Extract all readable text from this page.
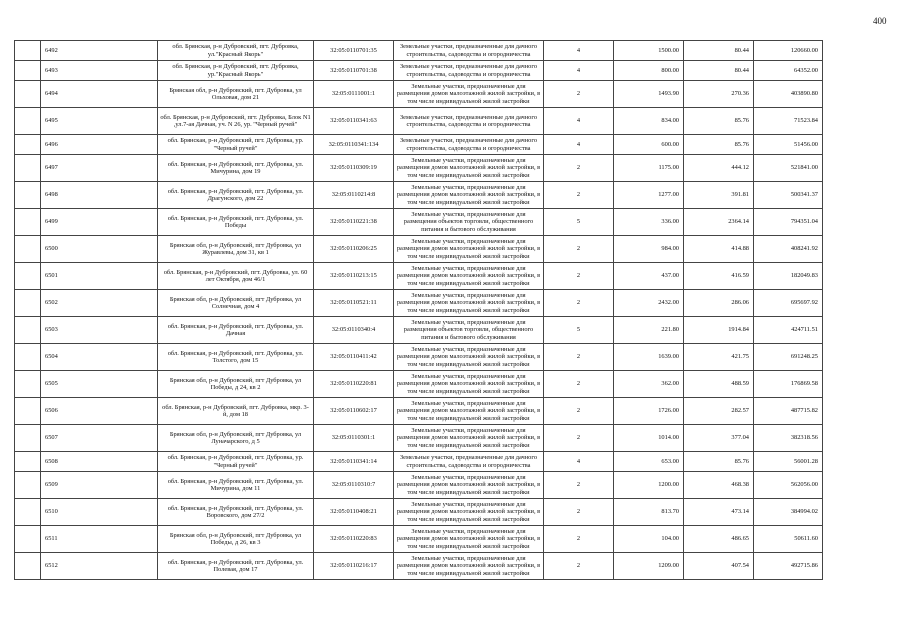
400
	6492	обл. Брянская, р-н Дубровский, пгт. Дубровка, ул."Красный Якорь"	32:05:0110701:35	Земельные участки, предназначенные для дачного строительства, садоводства и огородничества	4	1500.00	80.44	120660.00
	6493	обл. Брянская, р-н Дубровский, пгт. Дубровка, ур."Красный Якорь"	32:05:0110701:38	Земельные участки, предназначенные для дачного строительства, садоводства и огородничества	4	800.00	80.44	64352.00
	6494	Брянская обл, р-н Дубровский, пгт. Дубровка, ул Ольховая, дом 21	32:05:0111001:1	Земельные участки, предназначенные для размещения домов малоэтажной жилой застройки, в том числе индивидуальной жилой застройки	2	1493.90	270.36	403890.80
	6495	обл. Брянская, р-н Дубровский, пгт. Дубровка, Блок N1 ,ул.7-ая Дачная, уч. N 26, ур. "Черный ручей"	32:05:0110341:63	Земельные участки, предназначенные для дачного строительства, садоводства и огородничества	4	834.00	85.76	71523.84
	6496	обл. Брянская, р-н Дубровский, пгт. Дубровка, ур. "Черный ручей"	32:05:0110341:134	Земельные участки, предназначенные для дачного строительства, садоводства и огородничества	4	600.00	85.76	51456.00
	6497	обл. Брянская, р-н Дубровский, пгт. Дубровка, ул. Мичурина, дом 19	32:05:0110309:19	Земельные участки, предназначенные для размещения домов малоэтажной жилой застройки, в том числе индивидуальной жилой застройки	2	1175.00	444.12	521841.00
	6498	обл. Брянская, р-н Дубровский, пгт. Дубровка, ул. Драгунского, дом 22	32:05:0110214:8	Земельные участки, предназначенные для размещения домов малоэтажной жилой застройки, в том числе индивидуальной жилой застройки	2	1277.00	391.81	500341.37
	6499	обл. Брянская, р-н Дубровский, пгт. Дубровка, ул. Победы	32:05:0110221:38	Земельные участки, предназначенные для размещения объектов торговли, общественного питания и бытового обслуживания	5	336.00	2364.14	794351.04
	6500	Брянская обл, р-н Дубровский, пгт Дубровка, ул Журавлевы, дом 31, кв 1	32:05:0110206:25	Земельные участки, предназначенные для размещения домов малоэтажной жилой застройки, в том числе индивидуальной жилой застройки	2	984.00	414.88	408241.92
	6501	обл. Брянская, р-н Дубровский, пгт. Дубровка, ул. 60 лет Октября, дом 46/1	32:05:0110213:15	Земельные участки, предназначенные для размещения домов малоэтажной жилой застройки, в том числе индивидуальной жилой застройки	2	437.00	416.59	182049.83
	6502	Брянская обл, р-н Дубровский, пгт Дубровка, ул Солнечная, дом 4	32:05:0110521:11	Земельные участки, предназначенные для размещения домов малоэтажной жилой застройки, в том числе индивидуальной жилой застройки	2	2432.00	286.06	695697.92
	6503	обл. Брянская, р-н Дубровский, пгт. Дубровка, ул. Дачная	32:05:0110340:4	Земельные участки, предназначенные для размещения объектов торговли, общественного питания и бытового обслуживания	5	221.80	1914.84	424711.51
	6504	обл. Брянская, р-н Дубровский, пгт. Дубровка, ул. Толстого, дом 15	32:05:0110411:42	Земельные участки, предназначенные для размещения домов малоэтажной жилой застройки, в том числе индивидуальной жилой застройки	2	1639.00	421.75	691248.25
	6505	Брянская обл, р-н Дубровский, пгт Дубровка, ул Победы, д 24, кв 2	32:05:0110220:81	Земельные участки, предназначенные для размещения домов малоэтажной жилой застройки, в том числе индивидуальной жилой застройки	2	362.00	488.59	176869.58
	6506	обл. Брянская, р-н Дубровский, пгт. Дубровка, мкр. 3-й, дом 18	32:05:0110602:17	Земельные участки, предназначенные для размещения домов малоэтажной жилой застройки, в том числе индивидуальной жилой застройки	2	1726.00	282.57	487715.82
	6507	Брянская обл, р-н Дубровский, пгт Дубровка, ул Луначарского, д 5	32:05:0110301:1	Земельные участки, предназначенные для размещения домов малоэтажной жилой застройки, в том числе индивидуальной жилой застройки	2	1014.00	377.04	382318.56
	6508	обл. Брянская, р-н Дубровский, пгт. Дубровка, ур. "Черный ручей"	32:05:0110341:14	Земельные участки, предназначенные для дачного строительства, садоводства и огородничества	4	653.00	85.76	56001.28
	6509	обл. Брянская, р-н Дубровский, пгт. Дубровка, ул. Мичурина, дом 11	32:05:0110310:7	Земельные участки, предназначенные для размещения домов малоэтажной жилой застройки, в том числе индивидуальной жилой застройки	2	1200.00	468.38	562056.00
	6510	обл. Брянская, р-н Дубровский, пгт. Дубровка, ул. Воровского, дом 27/2	32:05:0110408:21	Земельные участки, предназначенные для размещения домов малоэтажной жилой застройки, в том числе индивидуальной жилой застройки	2	813.70	473.14	384994.02
	6511	Брянская обл, р-н Дубровский, пгт Дубровка, ул Победы, д 26, кв 3	32:05:0110220:83	Земельные участки, предназначенные для размещения домов малоэтажной жилой застройки, в том числе индивидуальной жилой застройки	2	104.00	486.65	50611.60
	6512	обл. Брянская, р-н Дубровский, пгт. Дубровка, ул. Полевая, дом 17	32:05:0110216:17	Земельные участки, предназначенные для размещения домов малоэтажной жилой застройки, в том числе индивидуальной жилой застройки	2	1209.00	407.54	492715.86
